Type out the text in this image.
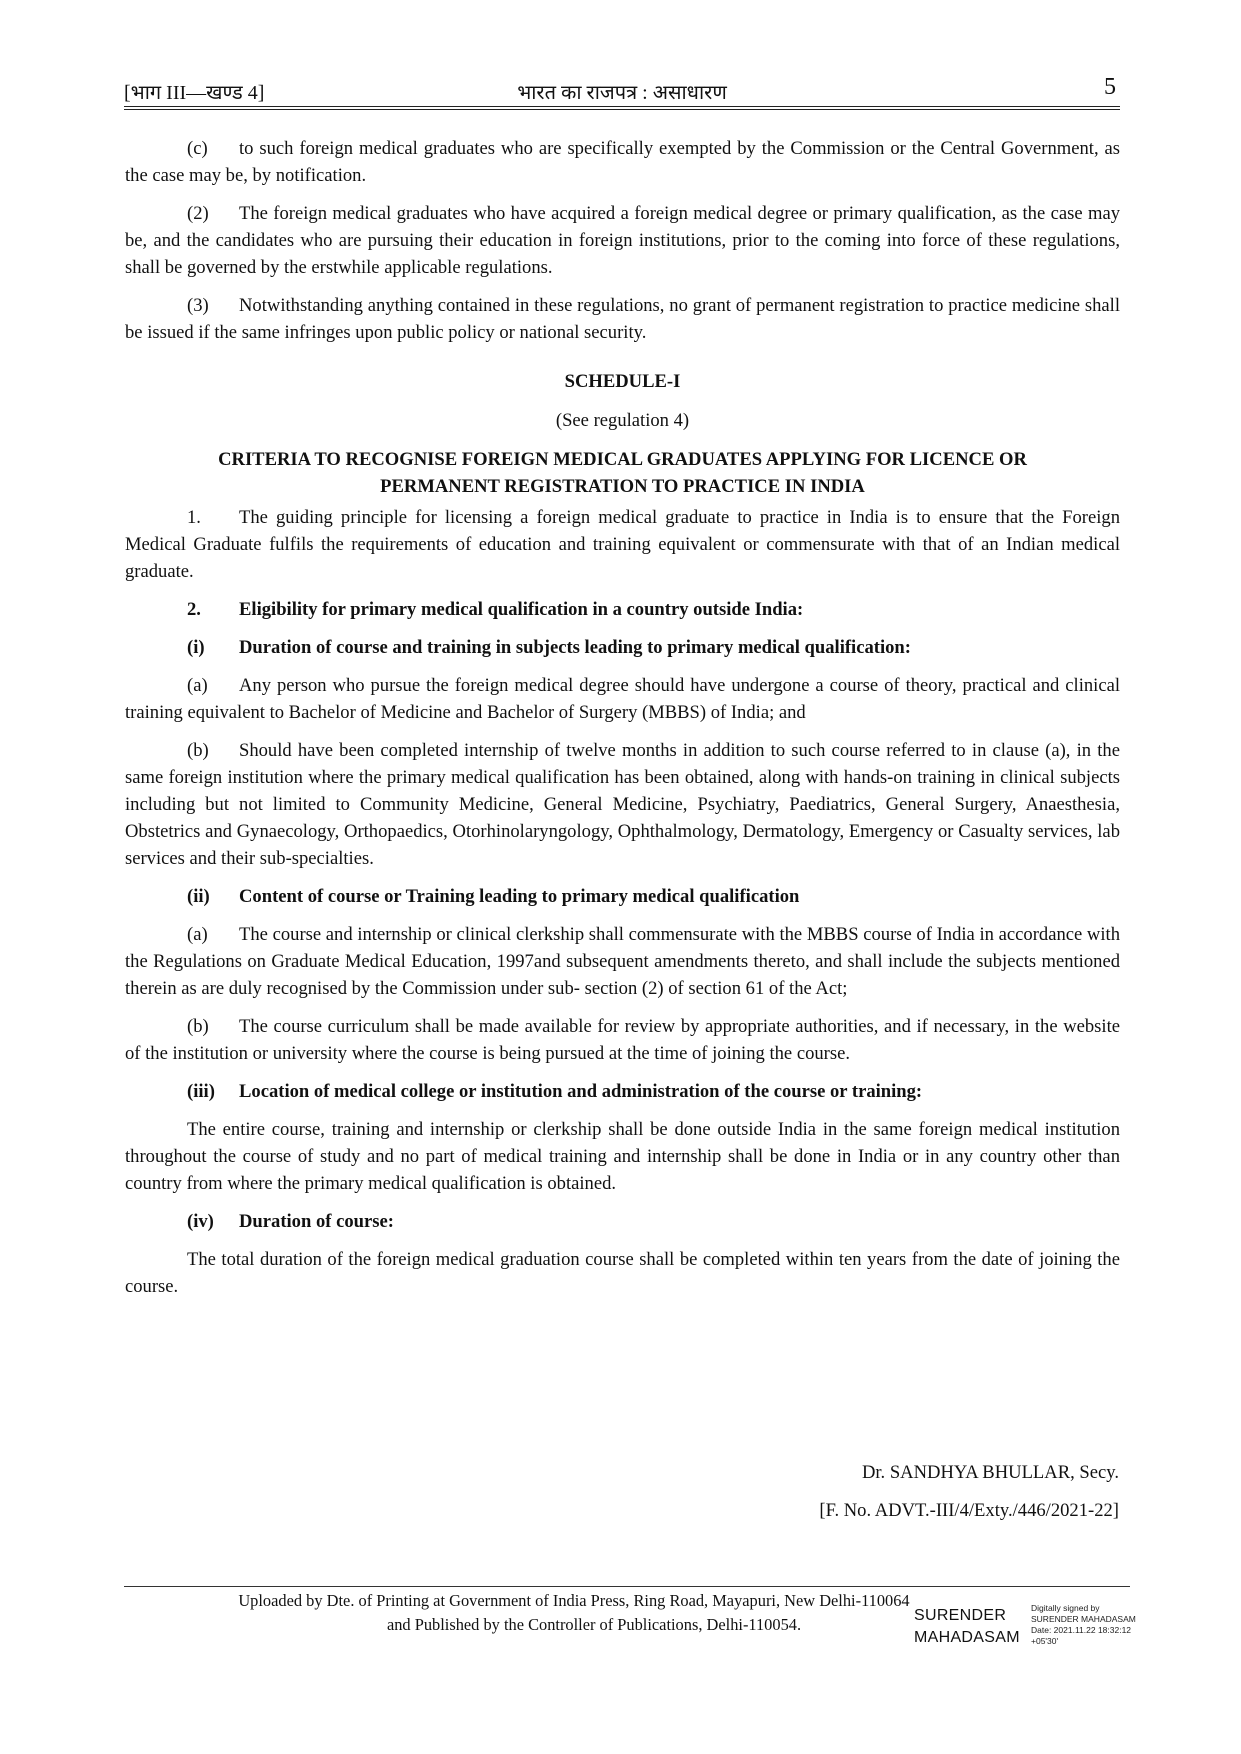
[भाग III—खण्ड 4]	भारत का राजपत्र : असाधारण	5

(c) to such foreign medical graduates who are specifically exempted by the Commission or the Central Government, as the case may be, by notification.

(2) The foreign medical graduates who have acquired a foreign medical degree or primary qualification, as the case may be, and the candidates who are pursuing their education in foreign institutions, prior to the coming into force of these regulations, shall be governed by the erstwhile applicable regulations.

(3) Notwithstanding anything contained in these regulations, no grant of permanent registration to practice medicine shall be issued if the same infringes upon public policy or national security.

SCHEDULE-I
(See regulation 4)
CRITERIA TO RECOGNISE FOREIGN MEDICAL GRADUATES APPLYING FOR LICENCE OR
PERMANENT REGISTRATION TO PRACTICE IN INDIA

1. The guiding principle for licensing a foreign medical graduate to practice in India is to ensure that the Foreign Medical Graduate fulfils the requirements of education and training equivalent or commensurate with that of an Indian medical graduate.

2. Eligibility for primary medical qualification in a country outside India:

(i) Duration of course and training in subjects leading to primary medical qualification:

(a) Any person who pursue the foreign medical degree should have undergone a course of theory, practical and clinical training equivalent to Bachelor of Medicine and Bachelor of Surgery (MBBS) of India; and

(b) Should have been completed internship of twelve months in addition to such course referred to in clause (a), in the same foreign institution where the primary medical qualification has been obtained, along with hands-on training in clinical subjects including but not limited to Community Medicine, General Medicine, Psychiatry, Paediatrics, General Surgery, Anaesthesia, Obstetrics and Gynaecology, Orthopaedics, Otorhinolaryngology, Ophthalmology, Dermatology, Emergency or Casualty services, lab services and their sub-specialties.

(ii) Content of course or Training leading to primary medical qualification

(a) The course and internship or clinical clerkship shall commensurate with the MBBS course of India in accordance with the Regulations on Graduate Medical Education, 1997and subsequent amendments thereto, and shall include the subjects mentioned therein as are duly recognised by the Commission under sub- section (2) of section 61 of the Act;

(b) The course curriculum shall be made available for review by appropriate authorities, and if necessary, in the website of the institution or university where the course is being pursued at the time of joining the course.

(iii) Location of medical college or institution and administration of the course or training:

The entire course, training and internship or clerkship shall be done outside India in the same foreign medical institution throughout the course of study and no part of medical training and internship shall be done in India or in any country other than country from where the primary medical qualification is obtained.

(iv) Duration of course:

The total duration of the foreign medical graduation course shall be completed within ten years from the date of joining the course.

Dr. SANDHYA BHULLAR, Secy.
[F. No. ADVT.-III/4/Exty./446/2021-22]
Uploaded by Dte. of Printing at Government of India Press, Ring Road, Mayapuri, New Delhi-110064
and Published by the Controller of Publications, Delhi-110054.	SURENDER
MAHADASAM
Digitally signed by
SURENDER MAHADASAM
Date: 2021.11.22 18:32:12
+05'30'
